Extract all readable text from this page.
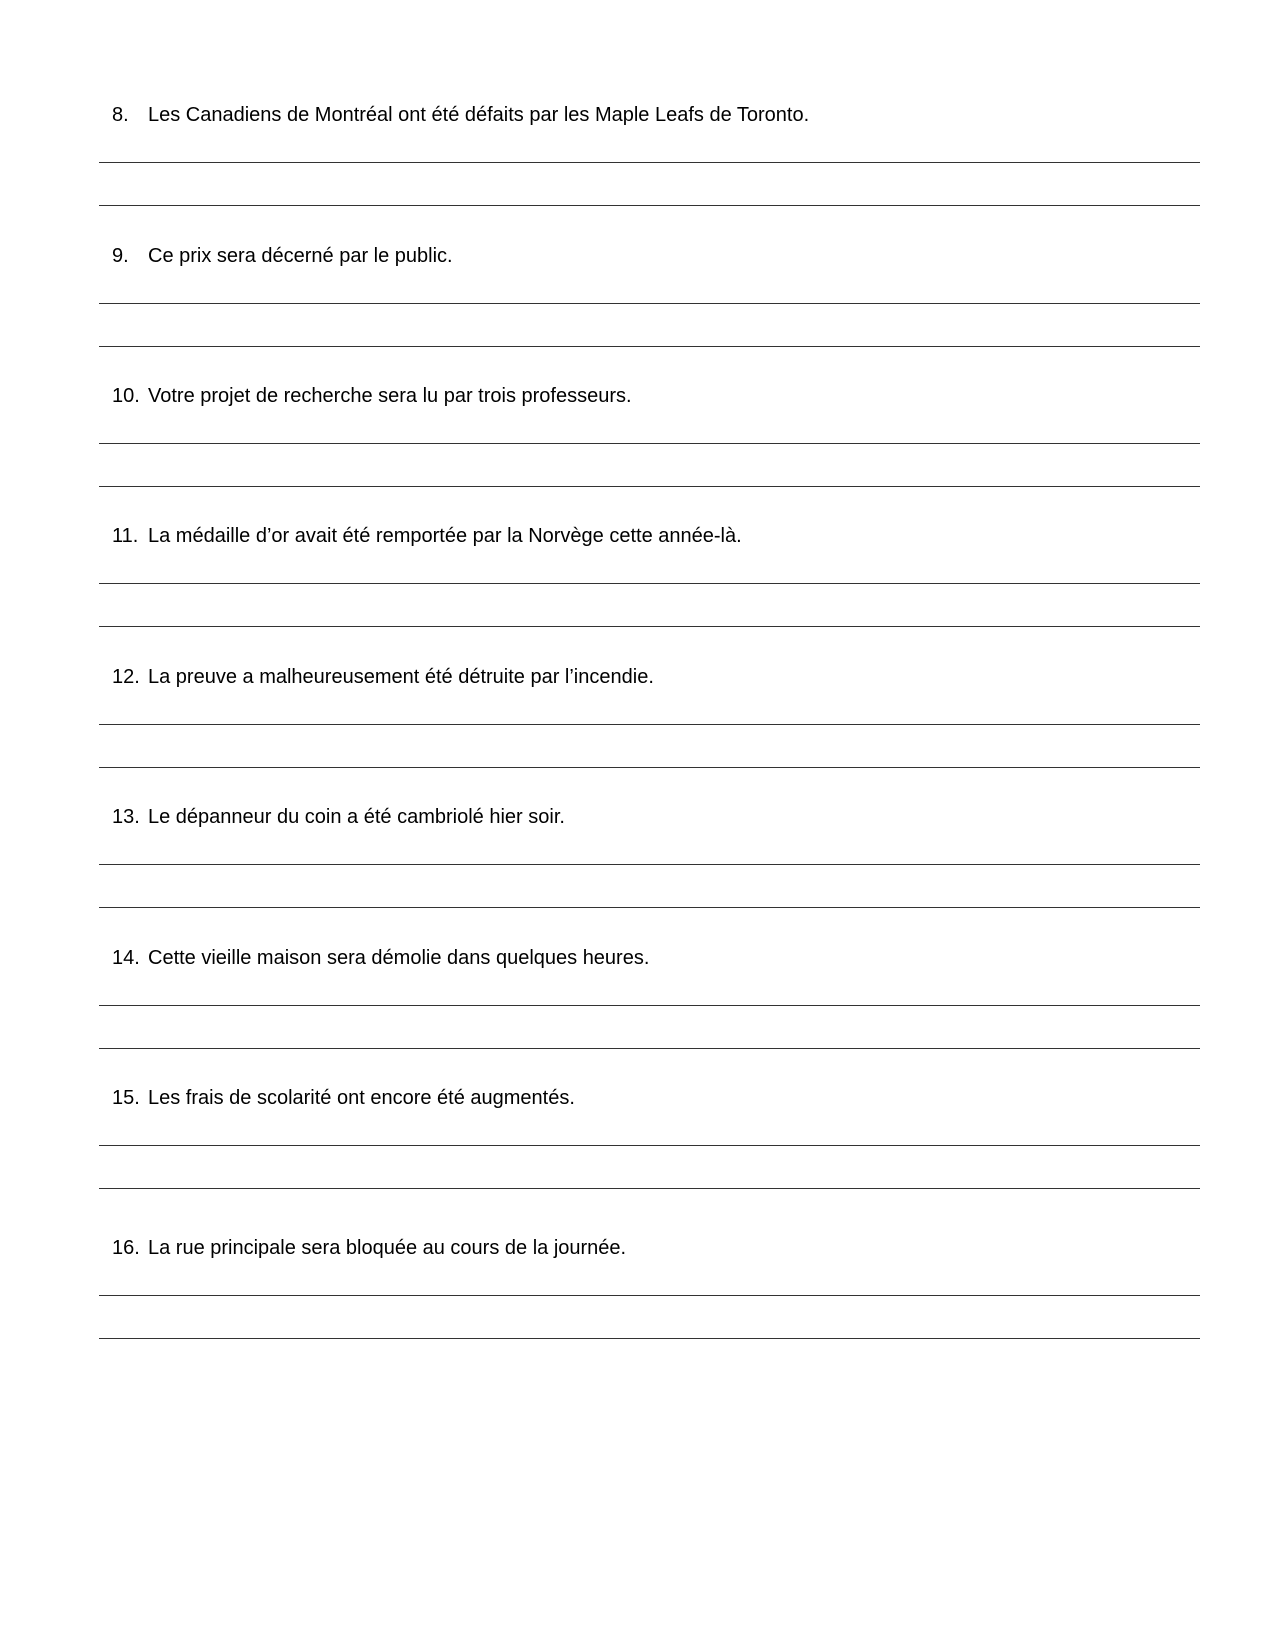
8. Les Canadiens de Montréal ont été défaits par les Maple Leafs de Toronto.
9. Ce prix sera décerné par le public.
10. Votre projet de recherche sera lu par trois professeurs.
11. La médaille d’or avait été remportée par la Norvège cette année-là.
12. La preuve a malheureusement été détruite par l’incendie.
13. Le dépanneur du coin a été cambriolé hier soir.
14. Cette vieille maison sera démolie dans quelques heures.
15. Les frais de scolarité ont encore été augmentés.
16. La rue principale sera bloquée au cours de la journée.
